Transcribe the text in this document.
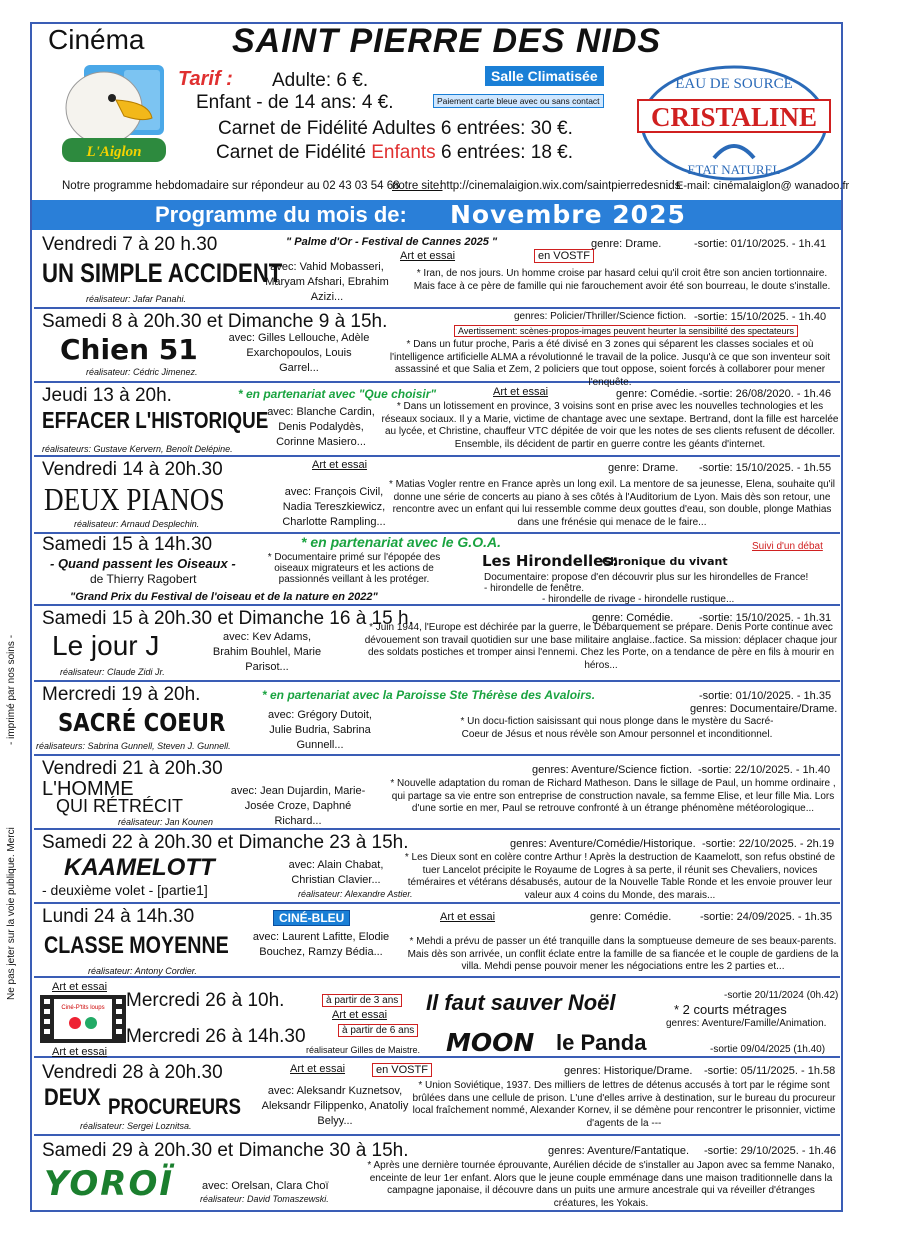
Ne pas jeter sur la voie publique. Merci
- imprimé par nos soins -
Cinéma	SAINT PIERRE DES NIDS
L'Aiglon
Tarif : Adulte: 6 €.
Enfant - de 14 ans: 4 €.
Carnet de Fidélité Adultes 6 entrées: 30 €.
Carnet de Fidélité Enfants 6 entrées: 18 €.
Salle Climatisée
Paiement carte bleue avec ou sans contact
EAU DE SOURCE
CRISTALINE
ETAT NATUREL
Notre programme hebdomadaire sur répondeur au 02 43 03 54 68
notre site:
http://cinemalaigion.wix.com/saintpierredesnids
E-mail: cinémalaiglon@ wanadoo.fr
Programme du mois de: Novembre 2025
Vendredi 7 à 20 h.30	" Palme d'Or - Festival de Cannes 2025 "
Art et essai	en VOSTF
genre: Drame.	-sortie: 01/10/2025. - 1h.41
UN SIMPLE ACCIDENT
avec: Vahid Mobasseri, Maryam Afshari, Ebrahim Azizi...
réalisateur: Jafar Panahi.
* Iran, de nos jours. Un homme croise par hasard celui qu'il croit être son ancien tortionnaire. Mais face à ce père de famille qui nie farouchement avoir été son bourreau, le doute s'installe.
Samedi 8 à 20h.30 et Dimanche 9 à 15h.	genres: Policier/Thriller/Science fiction. -sortie: 15/10/2025. - 1h.40
Avertissement: scènes-propos-images peuvent heurter la sensibilité des spectateurs
Chien 51	avec: Gilles Lellouche, Adèle Exarchopoulos, Louis Garrel...
réalisateur: Cédric Jimenez.
* Dans un futur proche, Paris a été divisé en 3 zones qui séparent les classes sociales et où l'intelligence artificielle ALMA a révolutionné le travail de la police. Jusqu'à ce que son inventeur soit assassiné et que Salia et Zem, 2 policiers que tout oppose, soient forcés à collaborer pour mener l'enquête.
Jeudi 13 à 20h.	* en partenariat avec "Que choisir"	Art et essai	genre: Comédie. -sortie: 26/08/2020. - 1h.46
EFFACER L'HISTORIQUE
avec: Blanche Cardin, Denis Podalydès, Corinne Masiero...
réalisateurs: Gustave Kervern, Benoît Delépine.
* Dans un lotissement en province, 3 voisins sont en prise avec les nouvelles technologies et les réseaux sociaux. Il y a Marie, victime de chantage avec une sextape. Bertrand, dont la fille est harcelée au lycée, et Christine, chauffeur VTC dépitée de voir que les notes de ses clients refusent de décoller. Ensemble, ils décident de partir en guerre contre les géants d'internet.
Vendredi 14 à 20h.30	Art et essai	genre: Drame. -sortie: 15/10/2025. - 1h.55
DEUX PIANOS	avec: François Civil, Nadia Tereszkiewicz, Charlotte Rampling...
réalisateur: Arnaud Desplechin.
* Matias Vogler rentre en France après un long exil. La mentore de sa jeunesse, Elena, souhaite qu'il donne une série de concerts au piano à ses côtés à l'Auditorium de Lyon. Mais dès son retour, une rencontre avec un enfant qui lui ressemble comme deux gouttes d'eau, son double, plonge Mathias dans une frénésie qui menace de le faire...
Samedi 15 à 14h.30	* en partenariat avec le G.O.A.	Suivi d'un débat
- Quand passent les Oiseaux -
de Thierry Ragobert
* Documentaire primé sur l'épopée des oiseaux migrateurs et les actions de passionnés veillant à les protéger.
"Grand Prix du Festival de l'oiseau et de la nature en 2022"
Les Hirondelles:
Chronique du vivant
Documentaire: propose d'en découvrir plus sur les hirondelles de France!
- hirondelle de fenêtre.
- hirondelle de rivage - hirondelle rustique...
Samedi 15 à 20h.30 et Dimanche 16 à 15 h.	genre: Comédie. -sortie: 15/10/2025. - 1h.31
Le jour J	avec: Kev Adams, Brahim Bouhlel, Marie Parisot...
réalisateur: Claude Zidi Jr.
* Juin 1944, l'Europe est déchirée par la guerre, le Débarquement se prépare. Denis Porte continue avec dévouement son travail quotidien sur une base militaire anglaise..factice. Sa mission: déplacer chaque jour des soldats postiches et tromper ainsi l'ennemi. Chez les Porte, on a tendance de père en fils à mourir en héros...
Mercredi 19 à 20h.	* en partenariat avec la Paroisse Ste Thérèse des Avaloirs.	-sortie: 01/10/2025. - 1h.35
genres: Documentaire/Drame.
SACRÉ COEUR	avec: Grégory Dutoit, Julie Budria, Sabrina Gunnell...
réalisateurs: Sabrina Gunnell, Steven J. Gunnell.
* Un docu-fiction saisissant qui nous plonge dans le mystère du Sacré-Coeur de Jésus et nous révèle son Amour personnel et inconditionnel.
Vendredi 21 à 20h.30	genres: Aventure/Science fiction. -sortie: 22/10/2025. - 1h.40
L'HOMME
QUI RÉTRÉCIT
avec: Jean Dujardin, Marie-Josée Croze, Daphné Richard...
réalisateur: Jan Kounen
* Nouvelle adaptation du roman de Richard Matheson. Dans le sillage de Paul, un homme ordinaire , qui partage sa vie entre son entreprise de construction navale, sa femme Elise, et leur fille Mia. Lors d'une sortie en mer, Paul se retrouve confronté à un étrange phénomène météorologique...
Samedi 22 à 20h.30 et Dimanche 23 à 15h.	genres: Aventure/Comédie/Historique. -sortie: 22/10/2025. - 2h.19
KAAMELOTT
- deuxième volet - [partie1]
avec: Alain Chabat, Christian Clavier...
réalisateur: Alexandre Astier.
* Les Dieux sont en colère contre Arthur ! Après la destruction de Kaamelott, son refus obstiné de tuer Lancelot précipite le Royaume de Logres à sa perte, il réunit ses Chevaliers, novices téméraires et vétérans désabusés, autour de la Nouvelle Table Ronde et les envoie prouver leur valeur aux 4 coins du Monde, des marais...
Lundi 24 à 14h.30	CINÉ-BLEU	Art et essai	genre: Comédie.	-sortie: 24/09/2025. - 1h.35
CLASSE MOYENNE	avec: Laurent Lafitte, Elodie Bouchez, Ramzy Bédia...
réalisateur: Antony Cordier.
* Mehdi a prévu de passer un été tranquille dans la somptueuse demeure de ses beaux-parents. Mais dès son arrivée, un conflit éclate entre la famille de sa fiancée et le couple de gardiens de la villa. Mehdi pense pouvoir mener les négociations entre les 2 parties et...
Art et essai
Ciné-P'tits loups
Art et essai
Mercredi 26 à 10h.	à partir de 3 ans
Art et essai Il faut sauver Noël	-sortie 20/11/2024 (0h.42)
* 2 courts métrages
genres: Aventure/Famille/Animation.
Mercredi 26 à 14h.30	à partir de 6 ans
réalisateur Gilles de Maistre. MOON le Panda	-sortie 09/04/2025 (1h.40)
Vendredi 28 à 20h.30	Art et essai	en VOSTF	genres: Historique/Drame. -sortie: 05/11/2025. - 1h.58
DEUX PROCUREURS
avec: Aleksandr Kuznetsov, Aleksandr Filippenko, Anatoliy Belyy...
réalisateur: Sergei Loznitsa.
* Union Soviétique, 1937. Des milliers de lettres de détenus accusés à tort par le régime sont brûlées dans une cellule de prison. L'une d'elles arrive à destination, sur le bureau du procureur local fraîchement nommé, Alexander Kornev, il se démène pour rencontrer le prisonnier, victime d'agents de la ---
Samedi 29 à 20h.30 et Dimanche 30 à 15h.	genres: Aventure/Fantatique. -sortie: 29/10/2025. - 1h.46
YOROÏ	avec: Orelsan, Clara Choï
réalisateur: David Tomaszewski.
* Après une dernière tournée éprouvante, Aurélien décide de s'installer au Japon avec sa femme Nanako, enceinte de leur 1er enfant. Alors que le jeune couple emménage dans une maison traditionnelle dans la campagne japonaise, il découvre dans un puits une armure ancestrale qui va réveiller d'étranges créatures, les Yokais.
